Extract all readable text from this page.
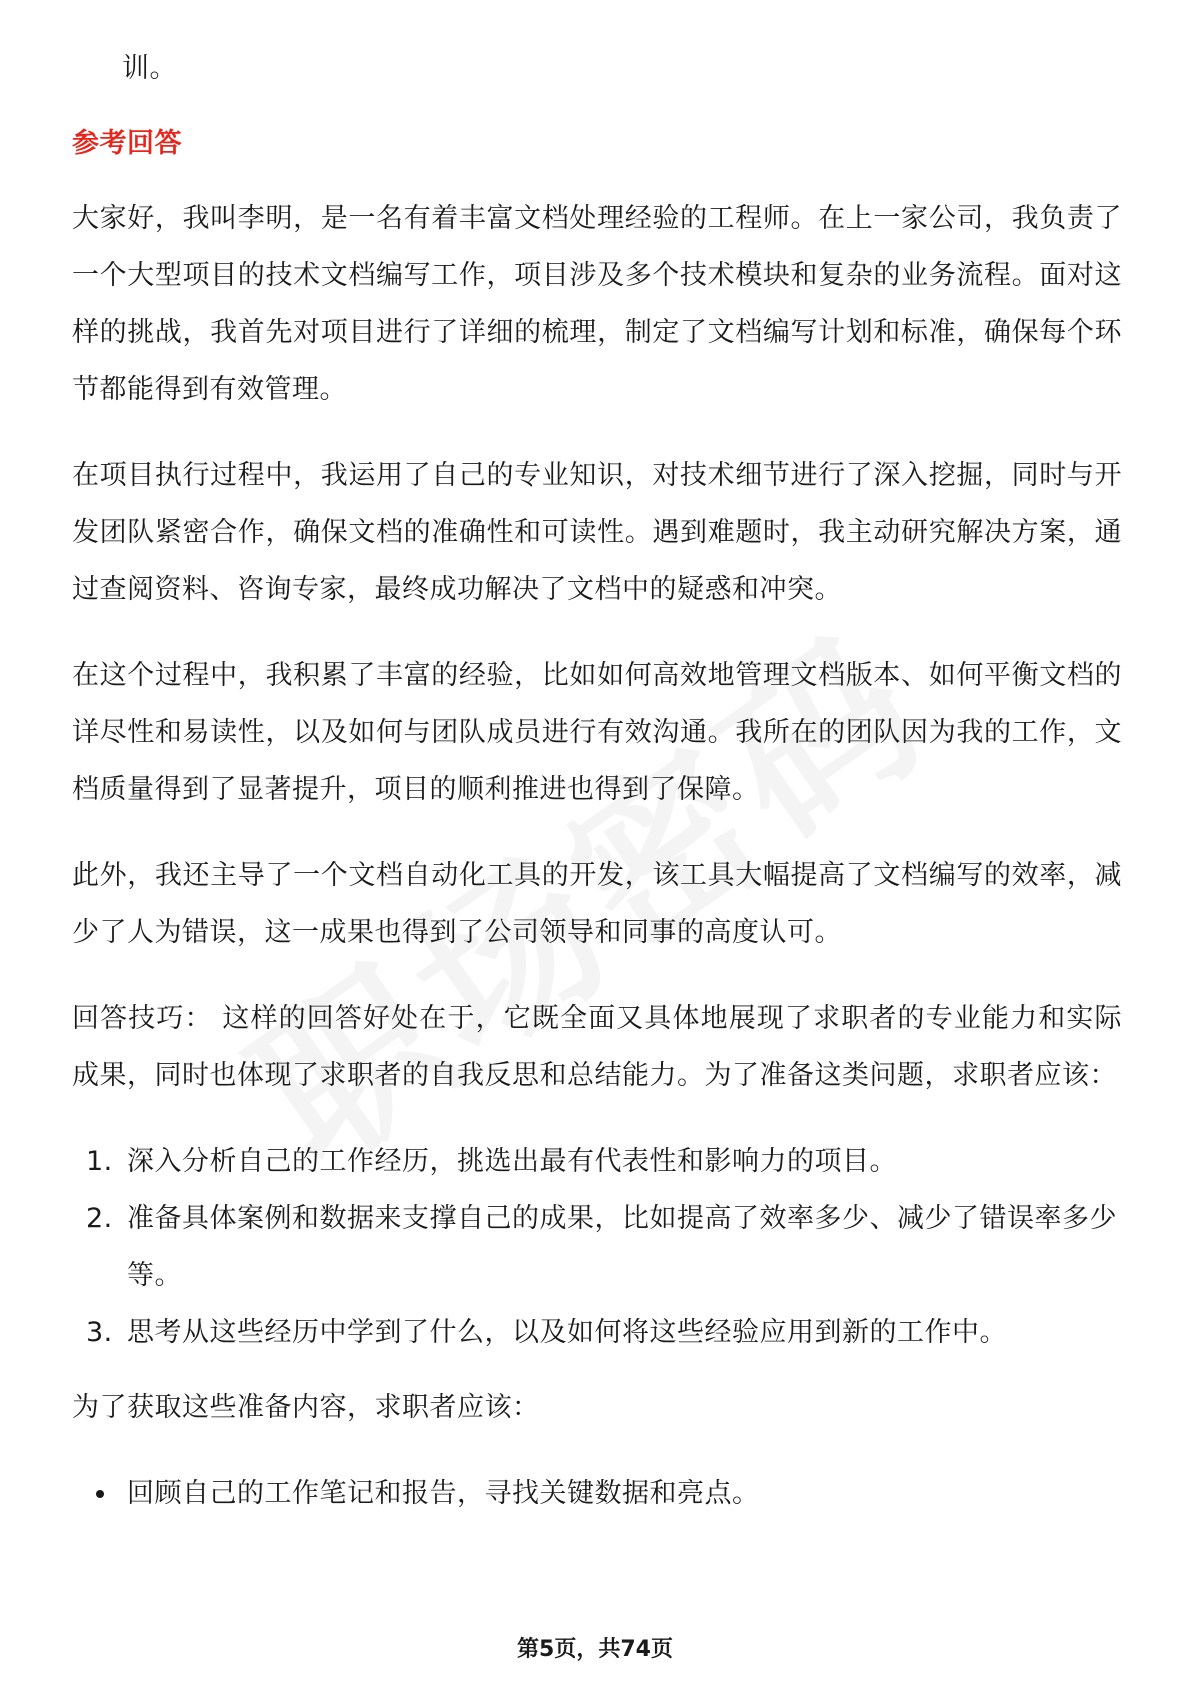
训。
参考回答

大家好，我叫李明，是一名有着丰富文档处理经验的工程师。在上一家公司，我负责了一个大型项目的技术文档编写工作，项目涉及多个技术模块和复杂的业务流程。面对这样的挑战，我首先对项目进行了详细的梳理，制定了文档编写计划和标准，确保每个环节都能得到有效管理。

在项目执行过程中，我运用了自己的专业知识，对技术细节进行了深入挖掘，同时与开发团队紧密合作，确保文档的准确性和可读性。遇到难题时，我主动研究解决方案，通过查阅资料、咨询专家，最终成功解决了文档中的疑惑和冲突。

在这个过程中，我积累了丰富的经验，比如如何高效地管理文档版本、如何平衡文档的详尽性和易读性，以及如何与团队成员进行有效沟通。我所在的团队因为我的工作，文档质量得到了显著提升，项目的顺利推进也得到了保障。

此外，我还主导了一个文档自动化工具的开发，该工具大幅提高了文档编写的效率，减少了人为错误，这一成果也得到了公司领导和同事的高度认可。

回答技巧： 这样的回答好处在于，它既全面又具体地展现了求职者的专业能力和实际成果，同时也体现了求职者的自我反思和总结能力。为了准备这类问题，求职者应该：

1. 深入分析自己的工作经历，挑选出最有代表性和影响力的项目。
2. 准备具体案例和数据来支撑自己的成果，比如提高了效率多少、减少了错误率多少等。
3. 思考从这些经历中学到了什么，以及如何将这些经验应用到新的工作中。

为了获取这些准备内容，求职者应该：

回顾自己的工作笔记和报告，寻找关键数据和亮点。
第5页，共74页
